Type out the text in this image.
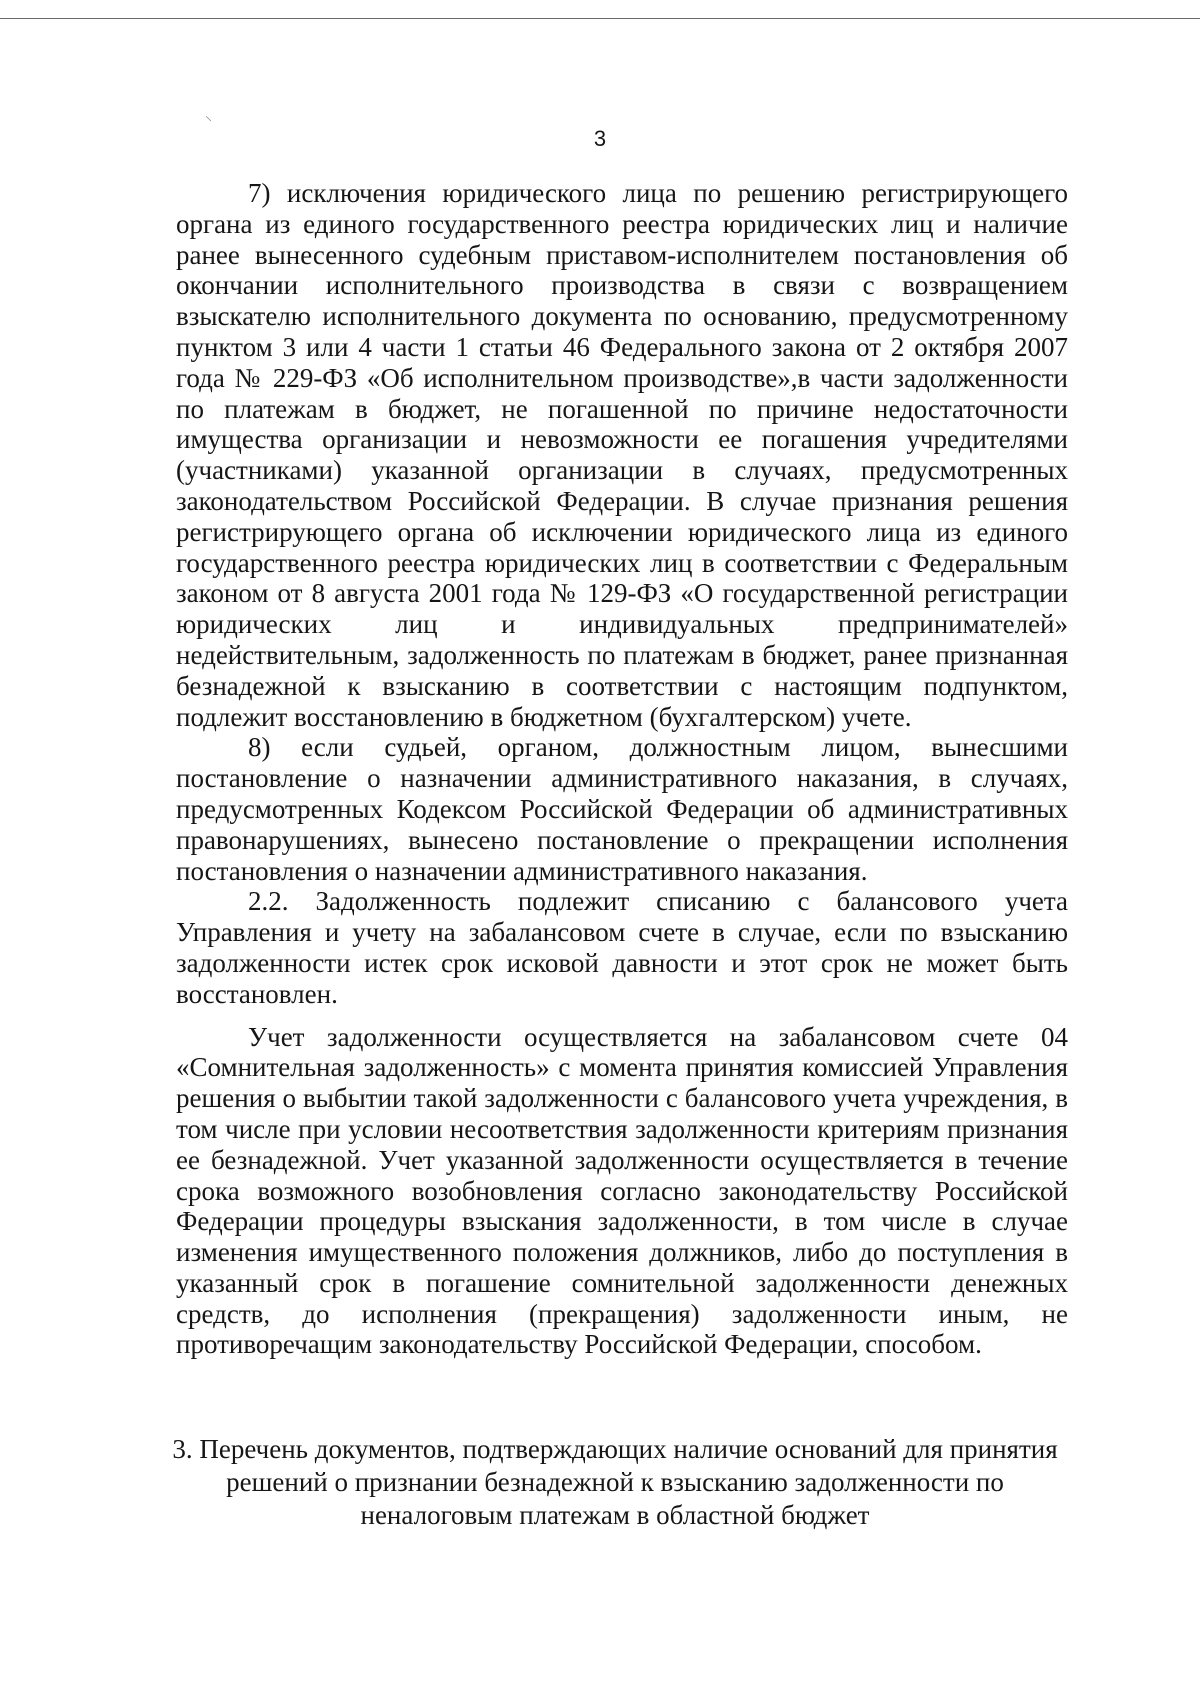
⸌
3

7) исключения юридического лица по решению регистрирующего органа из единого государственного реестра юридических лиц и наличие ранее вынесенного судебным приставом-исполнителем постановления об окончании исполнительного производства в связи с возвращением взыскателю исполнительного документа по основанию, предусмотренному пунктом 3 или 4 части 1 статьи 46 Федерального закона от 2 октября 2007 года № 229-ФЗ «Об исполнительном производстве»,в части задолженности по платежам в бюджет, не погашенной по причине недостаточности имущества организации и невозможности ее погашения учредителями (участниками) указанной организации в случаях, предусмотренных законодательством Российской Федерации. В случае признания решения регистрирующего органа об исключении юридического лица из единого государственного реестра юридических лиц в соответствии с Федеральным законом от 8 августа 2001 года № 129-ФЗ «О государственной регистрации юридических лиц и индивидуальных предпринимателей» недействительным, задолженность по платежам в бюджет, ранее признанная безнадежной к взысканию в соответствии с настоящим подпунктом, подлежит восстановлению в бюджетном (бухгалтерском) учете.

8) если судьей, органом, должностным лицом, вынесшими постановление о назначении административного наказания, в случаях, предусмотренных Кодексом Российской Федерации об административных правонарушениях, вынесено постановление о прекращении исполнения постановления о назначении административного наказания.

2.2. Задолженность подлежит списанию с балансового учета Управления и учету на забалансовом счете в случае, если по взысканию задолженности истек срок исковой давности и этот срок не может быть восстановлен.

Учет задолженности осуществляется на забалансовом счете 04 «Сомнительная задолженность» с момента принятия комиссией Управления решения о выбытии такой задолженности с балансового учета учреждения, в том числе при условии несоответствия задолженности критериям признания ее безнадежной. Учет указанной задолженности осуществляется в течение срока возможного возобновления согласно законодательству Российской Федерации процедуры взыскания задолженности, в том числе в случае изменения имущественного положения должников, либо до поступления в указанный срок в погашение сомнительной задолженности денежных средств, до исполнения (прекращения) задолженности иным, не противоречащим законодательству Российской Федерации, способом.

3. Перечень документов, подтверждающих наличие оснований для принятия
решений о признании безнадежной к взысканию задолженности по
неналоговым платежам в областной бюджет
